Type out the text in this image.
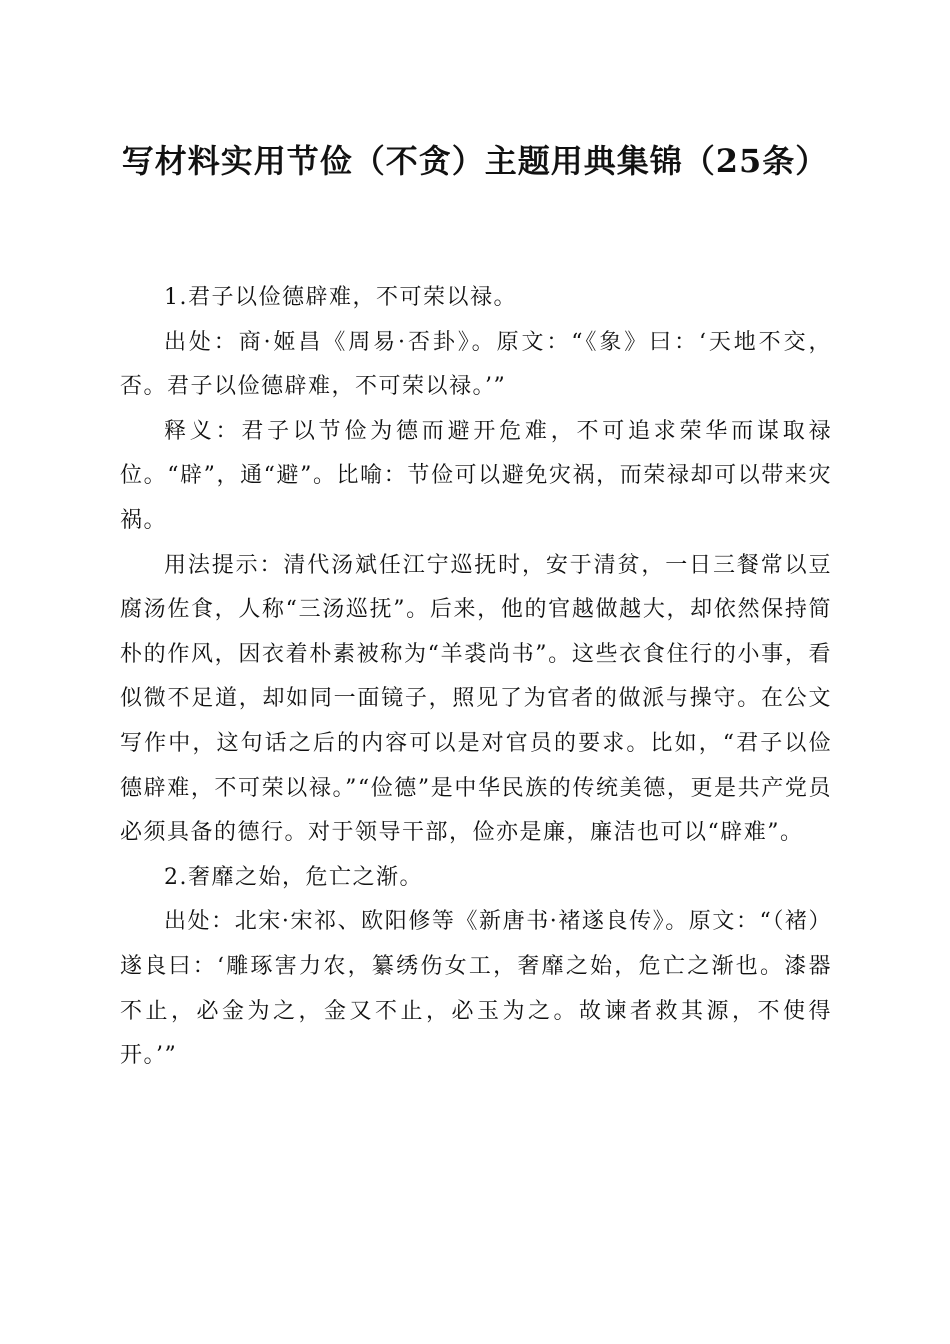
写材料实用节俭（不贪）主题用典集锦（25条）

1.君子以俭德辟难，不可荣以禄。

出处：商·姬昌《周易·否卦》。原文：“《象》曰：‘天地不交，否。君子以俭德辟难，不可荣以禄。’”

释义：君子以节俭为德而避开危难，不可追求荣华而谋取禄位。“辟”，通“避”。比喻：节俭可以避免灾祸，而荣禄却可以带来灾祸。

用法提示：清代汤斌任江宁巡抚时，安于清贫，一日三餐常以豆腐汤佐食，人称“三汤巡抚”。后来，他的官越做越大，却依然保持简朴的作风，因衣着朴素被称为“羊裘尚书”。这些衣食住行的小事，看似微不足道，却如同一面镜子，照见了为官者的做派与操守。在公文写作中，这句话之后的内容可以是对官员的要求。比如，“君子以俭德辟难，不可荣以禄。”“俭德”是中华民族的传统美德，更是共产党员必须具备的德行。对于领导干部，俭亦是廉，廉洁也可以“辟难”。

2.奢靡之始，危亡之渐。

出处：北宋·宋祁、欧阳修等《新唐书·褚遂良传》。原文：“（褚）遂良曰：‘雕琢害力农，纂绣伤女工，奢靡之始，危亡之渐也。漆器不止，必金为之，金又不止，必玉为之。故谏者救其源，不使得开。’”
